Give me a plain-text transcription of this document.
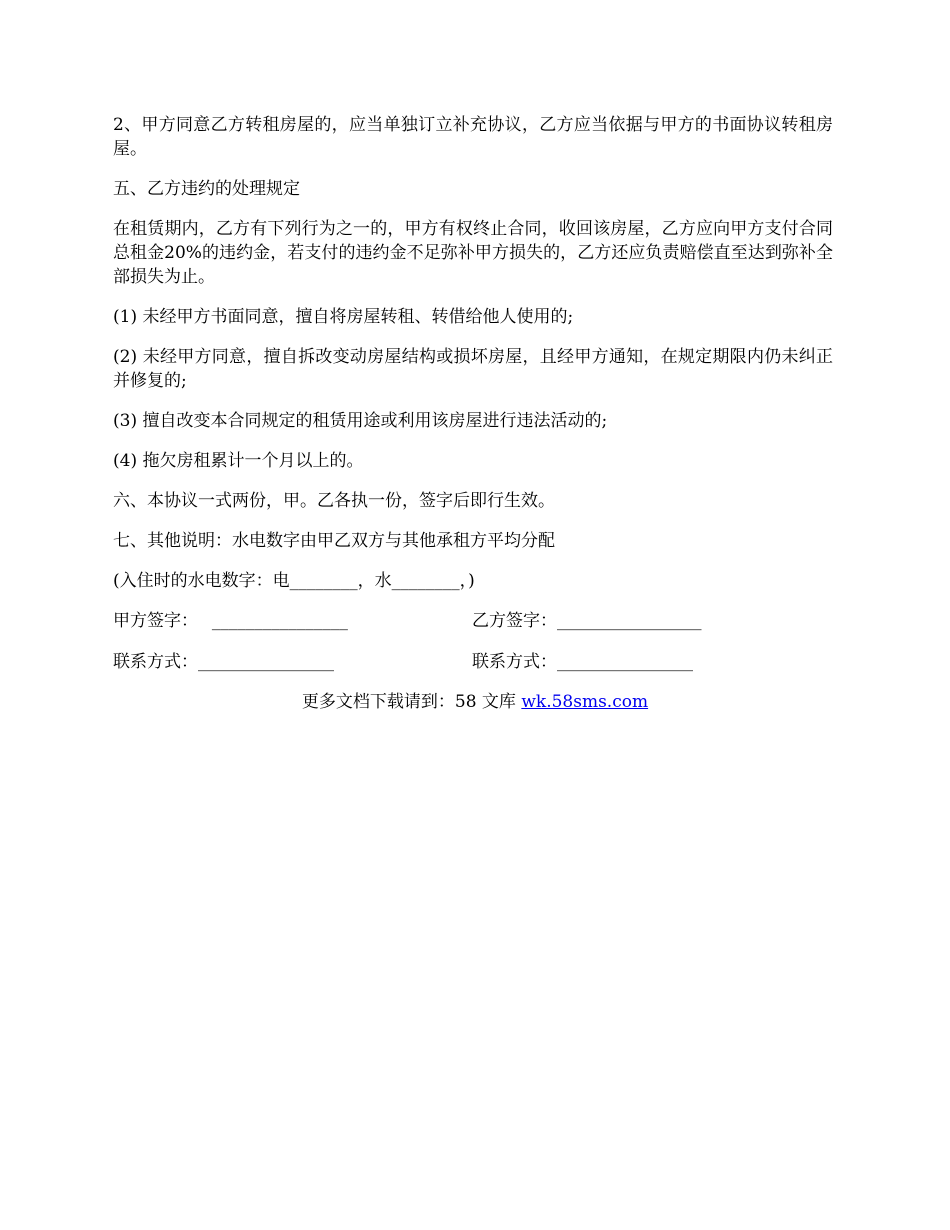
2、甲方同意乙方转租房屋的，应当单独订立补充协议，乙方应当依据与甲方的书面协议转租房屋。

五、乙方违约的处理规定

在租赁期内，乙方有下列行为之一的，甲方有权终止合同，收回该房屋，乙方应向甲方支付合同总租金20%的违约金，若支付的违约金不足弥补甲方损失的，乙方还应负责赔偿直至达到弥补全部损失为止。

(1) 未经甲方书面同意，擅自将房屋转租、转借给他人使用的;

(2) 未经甲方同意，擅自拆改变动房屋结构或损坏房屋，且经甲方通知，在规定期限内仍未纠正并修复的;

(3) 擅自改变本合同规定的租赁用途或利用该房屋进行违法活动的;

(4) 拖欠房租累计一个月以上的。

六、本协议一式两份，甲。乙各执一份，签字后即行生效。

七、其他说明：水电数字由甲乙双方与其他承租方平均分配

(入住时的水电数字：电________，水________，)

甲方签字：　 ________________	乙方签字：_________________
联系方式：________________	联系方式：________________
更多文档下载请到：58 文库 wk.58sms.com
